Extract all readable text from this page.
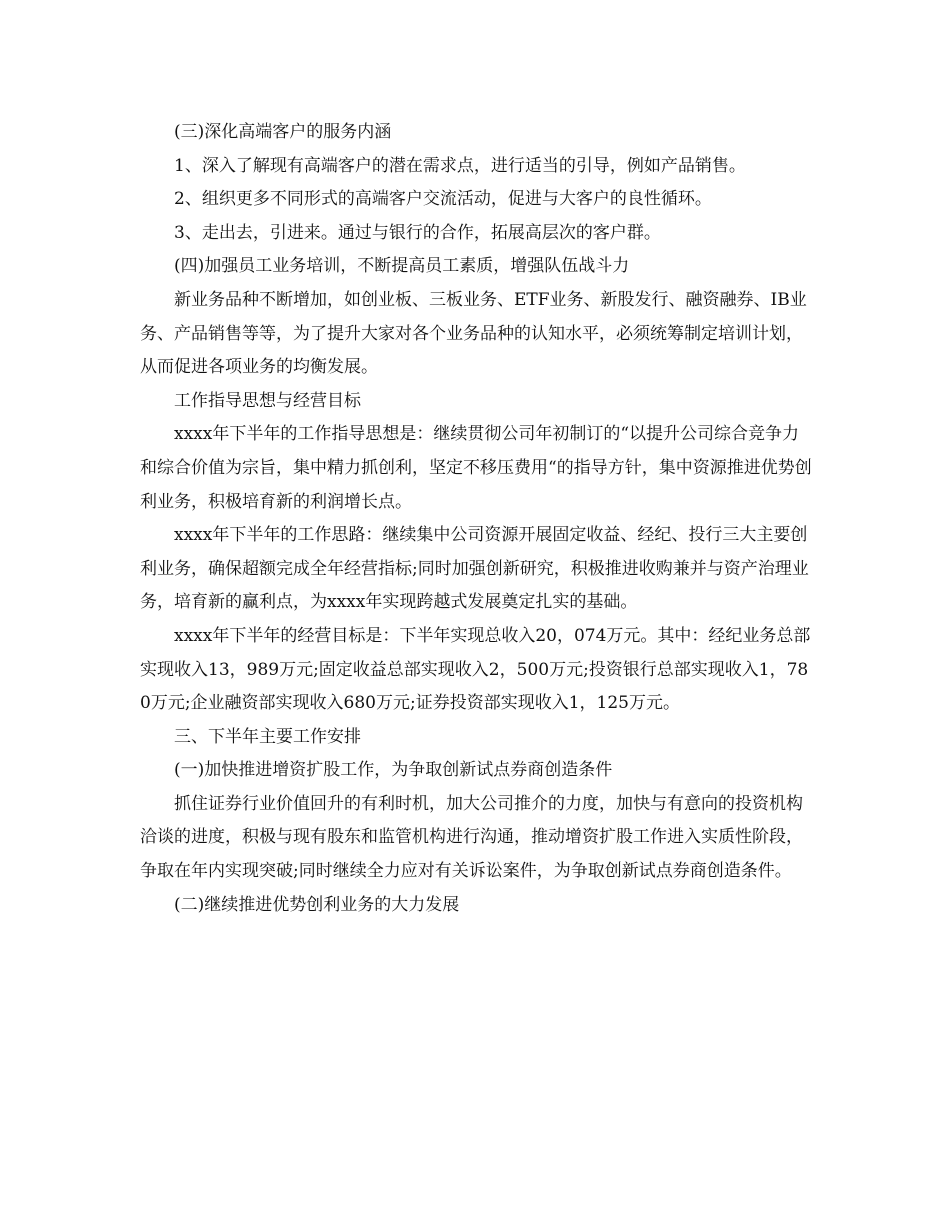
(三)深化高端客户的服务内涵

1、深入了解现有高端客户的潜在需求点，进行适当的引导，例如产品销售。

2、组织更多不同形式的高端客户交流活动，促进与大客户的良性循环。

3、走出去，引进来。通过与银行的合作，拓展高层次的客户群。

(四)加强员工业务培训，不断提高员工素质，增强队伍战斗力

新业务品种不断增加，如创业板、三板业务、ETF业务、新股发行、融资融券、IB业务、产品销售等等，为了提升大家对各个业务品种的认知水平，必须统筹制定培训计划，从而促进各项业务的均衡发展。

工作指导思想与经营目标

xxxx年下半年的工作指导思想是：继续贯彻公司年初制订的“以提升公司综合竞争力和综合价值为宗旨，集中精力抓创利，坚定不移压费用“的指导方针，集中资源推进优势创利业务，积极培育新的利润增长点。

xxxx年下半年的工作思路：继续集中公司资源开展固定收益、经纪、投行三大主要创利业务，确保超额完成全年经营指标;同时加强创新研究，积极推进收购兼并与资产治理业务，培育新的赢利点，为xxxx年实现跨越式发展奠定扎实的基础。

xxxx年下半年的经营目标是：下半年实现总收入20，074万元。其中：经纪业务总部实现收入13，989万元;固定收益总部实现收入2，500万元;投资银行总部实现收入1，780万元;企业融资部实现收入680万元;证券投资部实现收入1，125万元。

三、下半年主要工作安排

(一)加快推进增资扩股工作，为争取创新试点券商创造条件

抓住证券行业价值回升的有利时机，加大公司推介的力度，加快与有意向的投资机构洽谈的进度，积极与现有股东和监管机构进行沟通，推动增资扩股工作进入实质性阶段，争取在年内实现突破;同时继续全力应对有关诉讼案件，为争取创新试点券商创造条件。

(二)继续推进优势创利业务的大力发展
